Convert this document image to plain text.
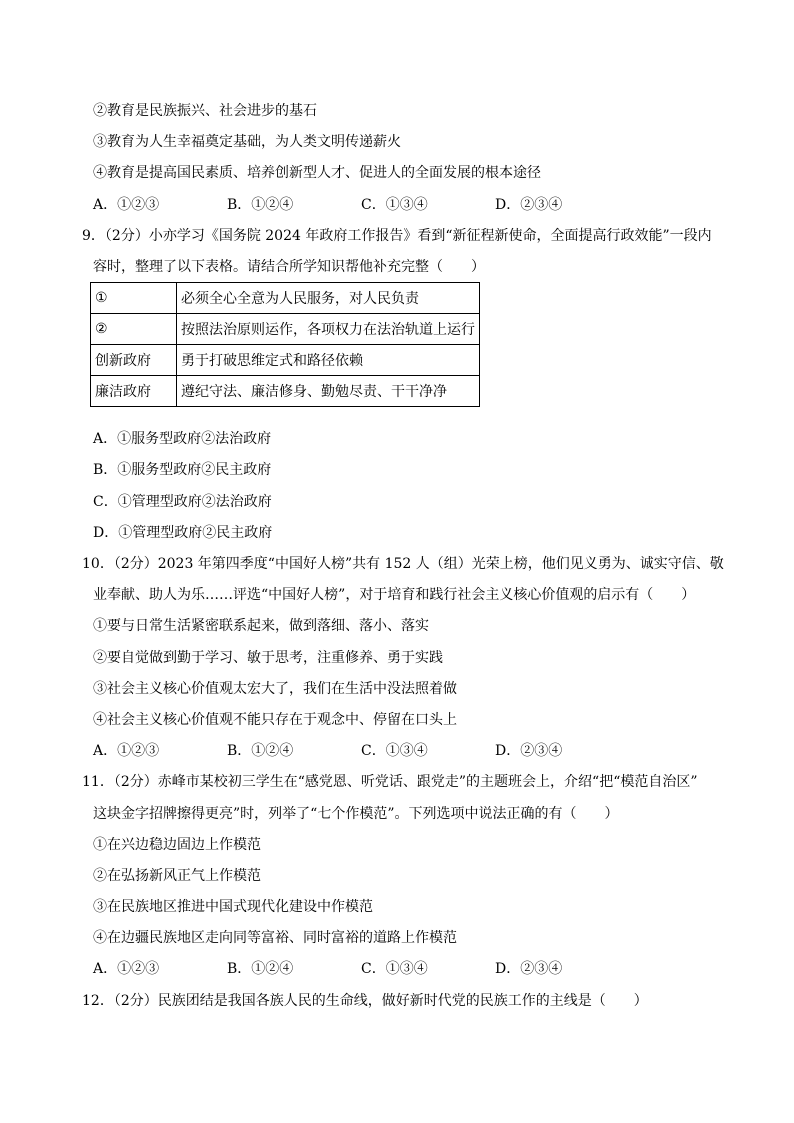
②教育是民族振兴、社会进步的基石
③教育为人生幸福奠定基础，为人类文明传递薪火
④教育是提高国民素质、培养创新型人才、促进人的全面发展的根本途径
A．①②③	B．①②④	C．①③④	D．②③④
9．（2分）小亦学习《国务院 2024 年政府工作报告》看到“新征程新使命，全面提高行政效能”一段内
容时，整理了以下表格。请结合所学知识帮他补充完整（　　）
①	必须全心全意为人民服务，对人民负责
②	按照法治原则运作，各项权力在法治轨道上运行
创新政府	勇于打破思维定式和路径依赖
廉洁政府	遵纪守法、廉洁修身、勤勉尽责、干干净净
A．①服务型政府②法治政府
B．①服务型政府②民主政府
C．①管理型政府②法治政府
D．①管理型政府②民主政府
10．（2分）2023 年第四季度“中国好人榜”共有 152 人（组）光荣上榜，他们见义勇为、诚实守信、敬
业奉献、助人为乐……评选“中国好人榜”，对于培育和践行社会主义核心价值观的启示有（　　）
①要与日常生活紧密联系起来，做到落细、落小、落实
②要自觉做到勤于学习、敏于思考，注重修养、勇于实践
③社会主义核心价值观太宏大了，我们在生活中没法照着做
④社会主义核心价值观不能只存在于观念中、停留在口头上
A．①②③	B．①②④	C．①③④	D．②③④
11．（2分）赤峰市某校初三学生在“感党恩、听党话、跟党走”的主题班会上，介绍“把“模范自治区”
这块金字招牌擦得更亮”时，列举了“七个作模范”。下列选项中说法正确的有（　　）
①在兴边稳边固边上作模范
②在弘扬新风正气上作模范
③在民族地区推进中国式现代化建设中作模范
④在边疆民族地区走向同等富裕、同时富裕的道路上作模范
A．①②③	B．①②④	C．①③④	D．②③④
12．（2分）民族团结是我国各族人民的生命线，做好新时代党的民族工作的主线是（　　）
